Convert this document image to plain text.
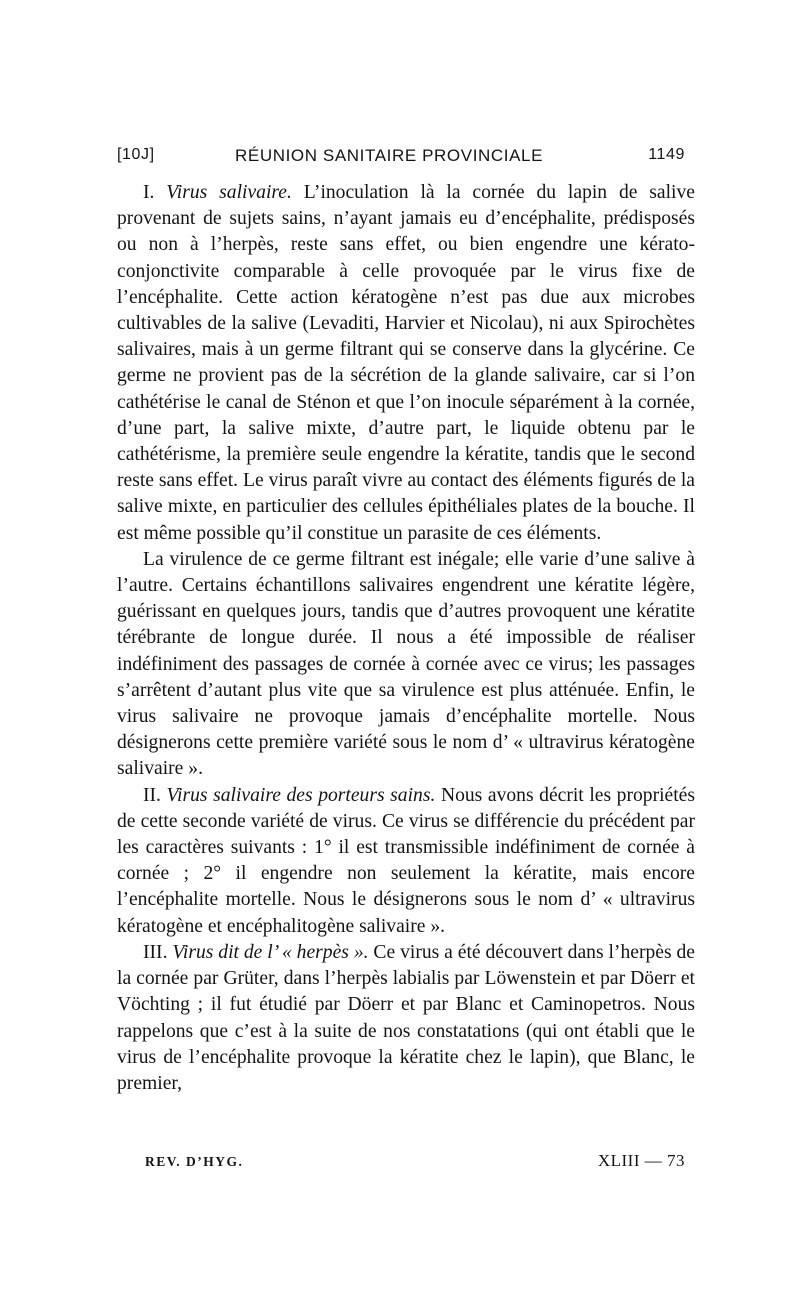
[10J]	RÉUNION SANITAIRE PROVINCIALE	1149

I. Virus salivaire. L’inoculation là la cornée du lapin de salive provenant de sujets sains, n’ayant jamais eu d’encéphalite, prédisposés ou non à l’herpès, reste sans effet, ou bien engendre une kérato-conjonctivite comparable à celle provoquée par le virus fixe de l’encéphalite. Cette action kératogène n’est pas due aux microbes cultivables de la salive (Levaditi, Harvier et Nicolau), ni aux Spirochètes salivaires, mais à un germe filtrant qui se conserve dans la glycérine. Ce germe ne provient pas de la sécrétion de la glande salivaire, car si l’on cathétérise le canal de Sténon et que l’on inocule séparément à la cornée, d’une part, la salive mixte, d’autre part, le liquide obtenu par le cathétérisme, la première seule engendre la kératite, tandis que le second reste sans effet. Le virus paraît vivre au contact des éléments figurés de la salive mixte, en particulier des cellules épithéliales plates de la bouche. Il est même possible qu’il constitue un parasite de ces éléments.

La virulence de ce germe filtrant est inégale; elle varie d’une salive à l’autre. Certains échantillons salivaires engendrent une kératite légère, guérissant en quelques jours, tandis que d’autres provoquent une kératite térébrante de longue durée. Il nous a été impossible de réaliser indéfiniment des passages de cornée à cornée avec ce virus; les passages s’arrêtent d’autant plus vite que sa virulence est plus atténuée. Enfin, le virus salivaire ne provoque jamais d’encéphalite mortelle. Nous désignerons cette première variété sous le nom d’ « ultravirus kératogène salivaire ».

II. Virus salivaire des porteurs sains. Nous avons décrit les propriétés de cette seconde variété de virus. Ce virus se différencie du précédent par les caractères suivants : 1° il est transmissible indéfiniment de cornée à cornée ; 2° il engendre non seulement la kératite, mais encore l’encéphalite mortelle. Nous le désignerons sous le nom d’ « ultravirus kératogène et encéphalitogène salivaire ».

III. Virus dit de l’ « herpès ». Ce virus a été découvert dans l’herpès de la cornée par Grüter, dans l’herpès labialis par Löwenstein et par Döerr et Vöchting ; il fut étudié par Döerr et par Blanc et Caminopetros. Nous rappelons que c’est à la suite de nos constatations (qui ont établi que le virus de l’encéphalite provoque la kératite chez le lapin), que Blanc, le premier,

REV. D’HYG.	XLIII — 73
